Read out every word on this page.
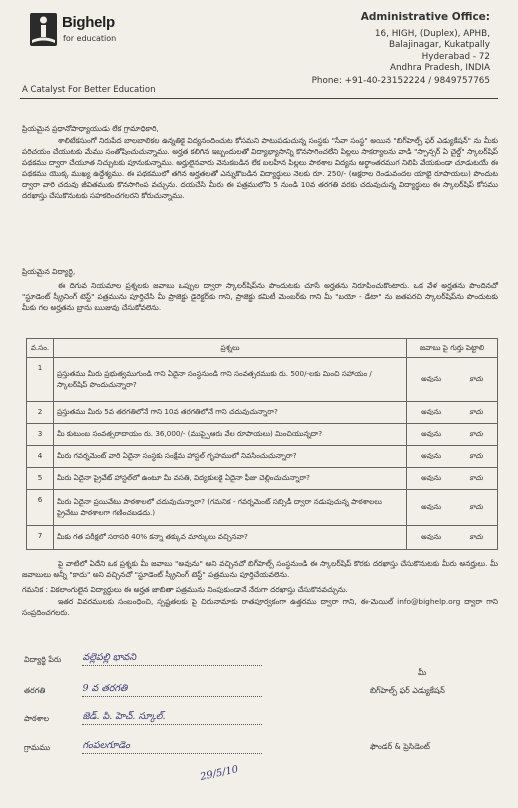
Bighelp
for education
A Catalyst For Better Education
Administrative Office:
16, HIGH, (Duplex), APHB,
Balajinagar, Kukatpally
Hyderabad - 72
Andhra Pradesh, INDIA
Phone: +91-40-23152224 / 9849757765
ప్రియమైన ప్రధానోపాధ్యాయుడు లేక గ్రామాధికారి,
శాలిటేకసుంగో నిరుపేద బాలబాలికల ఉన్నతికై విద్యనందించుట కోసమని పాటుపడుచున్న సంస్థకు "సేవా సంస్థ" అయిన "బిగ్‌హెల్ప్ ఫర్ ఎడ్యుకేషన్" ను మీకు పరిచయం చేయుటకు మేము సంతోషించుచున్నాము. అర్హత కలిగిన ఇబ్బందులతో విద్యాభ్యాసాన్ని కొనసాగించలేని పిల్లలు సాకర్యాలను వాడి "స్పాన్సర్ ఏ చైల్డ్" స్కాలర్‌షిప్ పథకము ద్వారా చేయూత నిచ్చుటకు పూనుకున్నాము. అర్హులైనవారు వెనుకబడిన లేక బలహీన పిల్లలు పాఠశాల విద్యను అర్థాంతరముగ నిలిపి వేయకుండా చూడుటయే ఈ పథకము యొక్క ముఖ్య ఉద్దేశ్యము. ఈ పథకములో తగిన అర్హతలతో ఎన్నుకొబడిన విద్యార్థులు నెలకు రూ. 250/- (అక్షరాల రెండువందల యాభై రూపాయలు) పొందుట ద్వారా వారి చదువు జీవితముకు కొనసాగింప వచ్చును. దయచేసి మీరు ఈ పత్రములోని 5 నుండి 10వ తరగతి వరకు చదువుచున్న విద్యార్థులు ఈ స్కాలర్‌షిప్ కోసము దరఖాస్తు చేసుకొనుటకు సహకరించగలరని కోరుచున్నాము.
ప్రియమైన విద్యార్థి,
ఈ దిగువ నియమాల ప్రశ్నలకు జవాబు ఒప్పుల ద్వారా స్కాలర్‌షిప్‌ను పొందుటకు చూసే అర్హతను నిరూపించుకొంటారు. ఒక వేళ అర్హతను పొందినచో "స్టూడెంట్ స్క్రీనింగ్ టెస్ట్" పత్రమును పూర్తిచేసి మీ ప్రాజెక్టు డైరెక్టర్‌కు గాని, ప్రాజెక్టు కమిటీ మెంబర్‌కు గాని మీ "బయో - డేటా" ను జతపరచి స్కాలర్‌షిప్‌ను పొందుటకు మీకు గల అర్హతను బ్రాను ఋజువు చేసుకోవలెను.
వ.సం.	ప్రశ్నలు	జవాబు పై గుర్తు పెట్టాలి
1	ప్రస్తుతము మీరు ప్రభుత్వముగుండి గాని ఏదైనా సంస్థనుండి గాని సంవత్సరముకు రు. 500/-లకు మించి సహాయం / స్కాలర్‌షిప్ పొందుచున్నారా?	అవును కాదు

2	ప్రస్తుతము మీరు 5వ తరగతిలోనే గాని 10వ తరగతిలోనే గాని చదువుచున్నారా?	అవును కాదు

3	మీ కుటుంబ సంవత్సరాదాయం రు. 36,000/- (ముప్పైఆరు వేల రూపాయలు) మించియున్నదా?	అవును కాదు

4	మీరు గవర్నమెంట్ వారి ఏదైనా సంస్థకు సంక్షేమ హాస్టల్ గృహములో నివసించుచున్నారా?	అవును కాదు

5	మీరు ఏదైనా ప్రైవేట్ హాస్టల్‌లో ఉంటూ మీ వసతి, విద్యకులకై ఏదైనా ఫీజు చెల్లించుచున్నారా?	అవును కాదు

6	మీరు ఏదైనా ప్రయివేటు పాఠశాలలో చదువుచున్నారా? (గమనిక - గవర్నమెంట్ సబ్సిడీ ద్వారా నడుపుచున్న పాఠశాలలు ప్రైవేటు పాఠశాలగా గణించబడదు.)	అవును కాదు

7	మీకు గత పరీక్షలో సరాసరి 40% కన్నా తక్కువ మార్కులు వచ్చినవా?	అవును కాదు
పై వాటిలో ఏదేని ఒక ప్రశ్నకు మీ జవాబు "అవును" అని వచ్చినచో బిగ్‌హెల్ప్ సంస్థనుండి ఈ స్కాలర్‌షిప్ కొరకు దరఖాస్తు చేసుకొనుటకు మీరు అనర్హులు. మీ జవాబులు అన్నీ "కాదు" అని వచ్చినచో "స్టూడెంట్ స్క్రీనింగ్ టెస్ట్" పత్రమును పూర్తిచేయవలెను.
గమనిక : వికలాంగులైన విద్యార్థులు ఈ అర్హత జాబితా పత్రమును నింపుకుండానే నేరుగా దరఖాస్తు చేసుకొనవచ్చును.
ఇతర వివరములకు సంబంధించి, స్పష్టతలకు పై చిరునామాకు రాతపూర్వకంగా ఉత్తరము ద్వారా గాని, ఈ-మెయిల్ info@bighelp.org ద్వారా గాని సంప్రదించగలరు.
విద్యార్థి పేరు వల్లెపల్లి భావని
తరగతి	9 వ తరగతి
పాఠశాల	జెడ్. పి. హెచ్. స్కూల్.
గ్రామము	గంపలగూడెం
మీ
బిగ్‌హెల్ప్ ఫర్ ఎడ్యుకేషన్
ఫౌండర్ & ప్రెసిడెంట్
29/5/10
